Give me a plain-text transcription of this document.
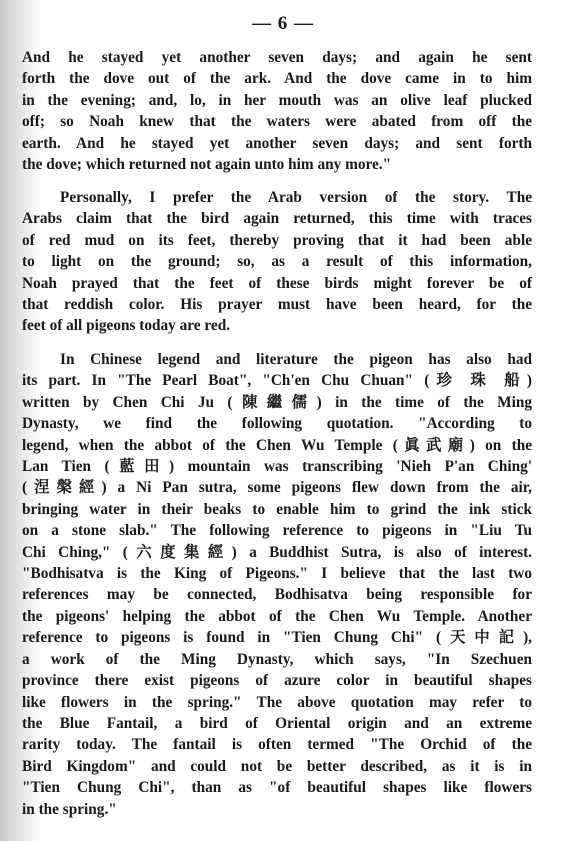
— 6 —
And he stayed yet another seven days; and again he sent
forth the dove out of the ark. And the dove came in to him
in the evening; and, lo, in her mouth was an olive leaf plucked
off; so Noah knew that the waters were abated from off the
earth. And he stayed yet another seven days; and sent forth
the dove; which returned not again unto him any more."
Personally, I prefer the Arab version of the story. The
Arabs claim that the bird again returned, this time with traces
of red mud on its feet, thereby proving that it had been able
to light on the ground; so, as a result of this information,
Noah prayed that the feet of these birds might forever be of
that reddish color. His prayer must have been heard, for the
feet of all pigeons today are red.
In Chinese legend and literature the pigeon has also had
its part. In "The Pearl Boat", "Ch'en Chu Chuan" (珍 珠 船)
written by Chen Chi Ju (陳繼儒) in the time of the Ming
Dynasty, we find the following quotation. "According to
legend, when the abbot of the Chen Wu Temple (眞武廟) on the
Lan Tien (藍田) mountain was transcribing 'Nieh P'an Ching'
(涅槃經) a Ni Pan sutra, some pigeons flew down from the air,
bringing water in their beaks to enable him to grind the ink stick
on a stone slab." The following reference to pigeons in "Liu Tu
Chi Ching," (六度集經) a Buddhist Sutra, is also of interest.
"Bodhisatva is the King of Pigeons." I believe that the last two
references may be connected, Bodhisatva being responsible for
the pigeons' helping the abbot of the Chen Wu Temple. Another
reference to pigeons is found in "Tien Chung Chi" (天中記),
a work of the Ming Dynasty, which says, "In Szechuen
province there exist pigeons of azure color in beautiful shapes
like flowers in the spring." The above quotation may refer to
the Blue Fantail, a bird of Oriental origin and an extreme
rarity today. The fantail is often termed "The Orchid of the
Bird Kingdom" and could not be better described, as it is in
"Tien Chung Chi", than as "of beautiful shapes like flowers
in the spring."
